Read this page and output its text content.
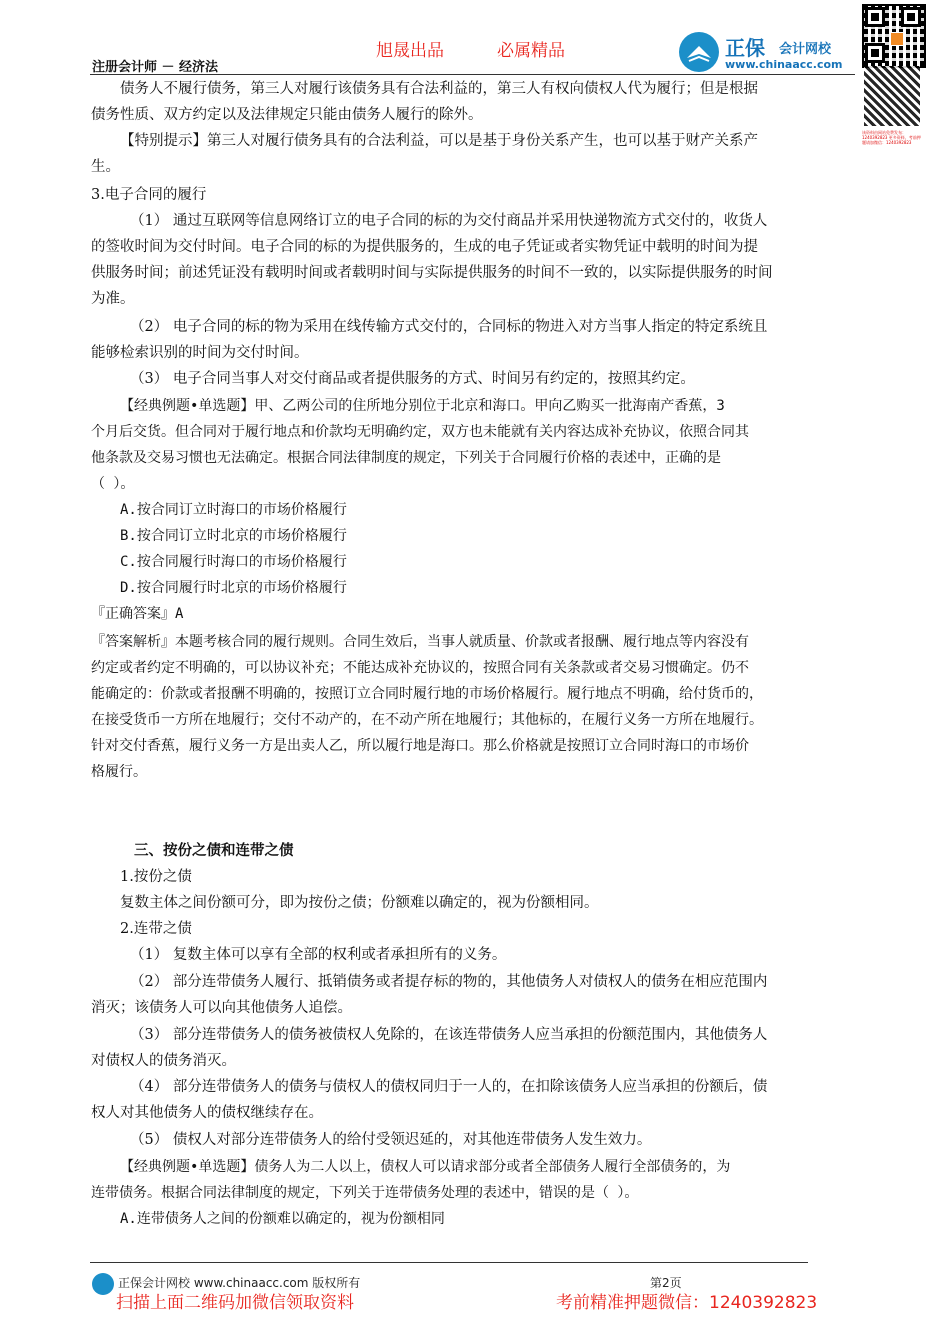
旭晟出品	必属精品
注册会计师 － 经济法
正保 会计网校
www.chinaacc.com
该资料由网站免费发布：1240392823 更多资料、考前押题请加微信：1240392823
债务人不履行债务，第三人对履行该债务具有合法利益的，第三人有权向债权人代为履行；但是根据
债务性质、双方约定以及法律规定只能由债务人履行的除外。
【特别提示】第三人对履行债务具有的合法利益，可以是基于身份关系产生，也可以基于财产关系产
生。
3.电子合同的履行
（1） 通过互联网等信息网络订立的电子合同的标的为交付商品并采用快递物流方式交付的，收货人
的签收时间为交付时间。电子合同的标的为提供服务的，生成的电子凭证或者实物凭证中载明的时间为提
供服务时间；前述凭证没有载明时间或者载明时间与实际提供服务的时间不一致的，以实际提供服务的时间
为准。
（2） 电子合同的标的物为采用在线传输方式交付的，合同标的物进入对方当事人指定的特定系统且
能够检索识别的时间为交付时间。
（3） 电子合同当事人对交付商品或者提供服务的方式、时间另有约定的，按照其约定。
【经典例题•单选题】甲、乙两公司的住所地分别位于北京和海口。甲向乙购买一批海南产香蕉，3
个月后交货。但合同对于履行地点和价款均无明确约定，双方也未能就有关内容达成补充协议，依照合同其
他条款及交易习惯也无法确定。根据合同法律制度的规定，下列关于合同履行价格的表述中，正确的是
（ ）。
A.按合同订立时海口的市场价格履行
B.按合同订立时北京的市场价格履行
C.按合同履行时海口的市场价格履行
D.按合同履行时北京的市场价格履行
『正确答案』A
『答案解析』本题考核合同的履行规则。合同生效后，当事人就质量、价款或者报酬、履行地点等内容没有
约定或者约定不明确的，可以协议补充；不能达成补充协议的，按照合同有关条款或者交易习惯确定。仍不
能确定的：价款或者报酬不明确的，按照订立合同时履行地的市场价格履行。履行地点不明确，给付货币的，
在接受货币一方所在地履行；交付不动产的，在不动产所在地履行；其他标的，在履行义务一方所在地履行。
针对交付香蕉，履行义务一方是出卖人乙，所以履行地是海口。那么价格就是按照订立合同时海口的市场价
格履行。
三、按份之债和连带之债
1.按份之债
复数主体之间份额可分，即为按份之债；份额难以确定的，视为份额相同。
2.连带之债
（1） 复数主体可以享有全部的权利或者承担所有的义务。
（2） 部分连带债务人履行、抵销债务或者提存标的物的，其他债务人对债权人的债务在相应范围内
消灭；该债务人可以向其他债务人追偿。
（3） 部分连带债务人的债务被债权人免除的，在该连带债务人应当承担的份额范围内，其他债务人
对债权人的债务消灭。
（4） 部分连带债务人的债务与债权人的债权同归于一人的，在扣除该债务人应当承担的份额后，债
权人对其他债务人的债权继续存在。
（5） 债权人对部分连带债务人的给付受领迟延的，对其他连带债务人发生效力。
【经典例题•单选题】债务人为二人以上，债权人可以请求部分或者全部债务人履行全部债务的，为
连带债务。根据合同法律制度的规定，下列关于连带债务处理的表述中，错误的是（ ）。
A.连带债务人之间的份额难以确定的，视为份额相同
正保会计网校 www.chinaacc.com 版权所有	第2页
扫描上面二维码加微信领取资料	考前精准押题微信：1240392823
